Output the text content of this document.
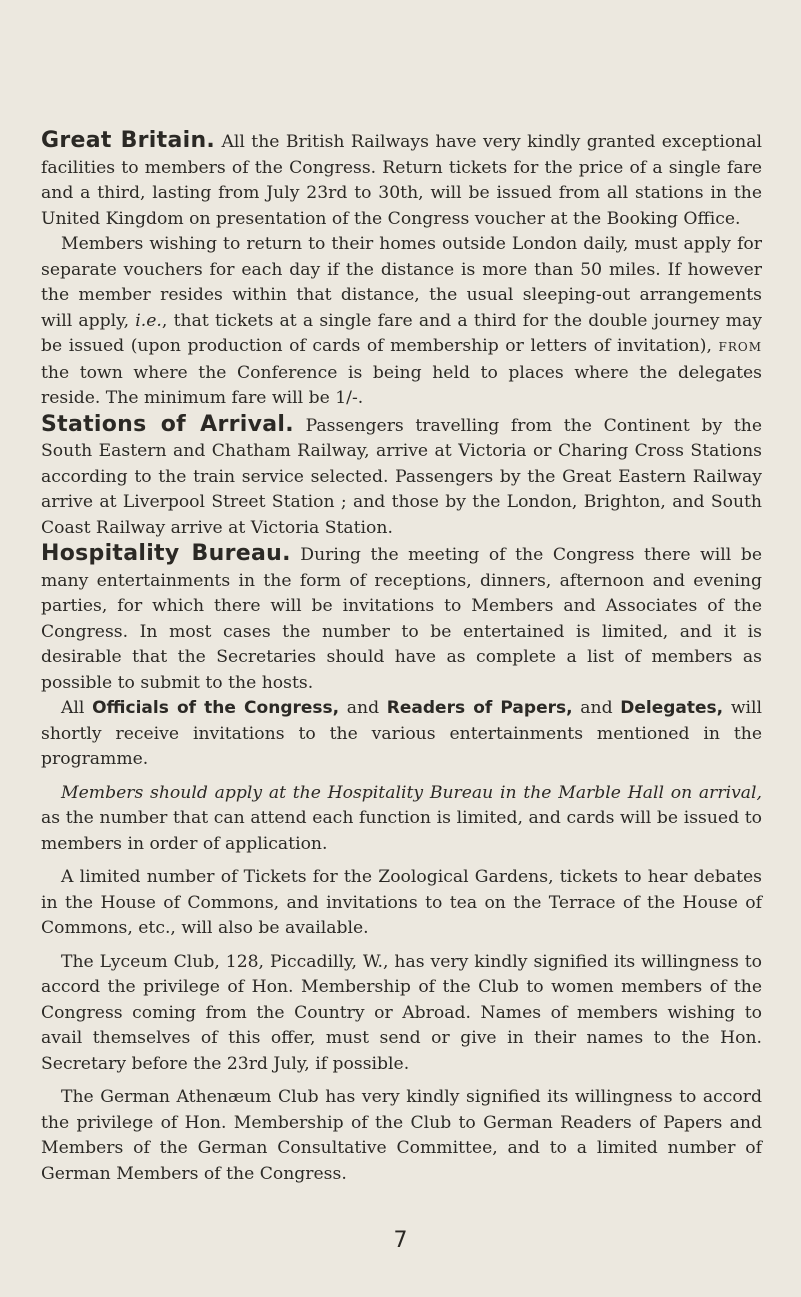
Great Britain. All the British Railways have very kindly granted exceptional facilities to members of the Congress. Return tickets for the price of a single fare and a third, lasting from July 23rd to 30th, will be issued from all stations in the United Kingdom on presentation of the Congress voucher at the Booking Office.

Members wishing to return to their homes outside London daily, must apply for separate vouchers for each day if the distance is more than 50 miles. If however the member resides within that distance, the usual sleeping-out arrangements will apply, i.e., that tickets at a single fare and a third for the double journey may be issued (upon production of cards of membership or letters of invitation), FROM the town where the Conference is being held to places where the delegates reside. The minimum fare will be 1/-.

Stations of Arrival. Passengers travelling from the Continent by the South Eastern and Chatham Railway, arrive at Victoria or Charing Cross Stations according to the train service selected. Passengers by the Great Eastern Railway arrive at Liverpool Street Station ; and those by the London, Brighton, and South Coast Railway arrive at Victoria Station.

Hospitality Bureau. During the meeting of the Congress there will be many entertainments in the form of receptions, dinners, afternoon and evening parties, for which there will be invitations to Members and Associates of the Congress. In most cases the number to be entertained is limited, and it is desirable that the Secretaries should have as complete a list of members as possible to submit to the hosts.

All Officials of the Congress, and Readers of Papers, and Delegates, will shortly receive invitations to the various entertainments mentioned in the programme.

Members should apply at the Hospitality Bureau in the Marble Hall on arrival, as the number that can attend each function is limited, and cards will be issued to members in order of application.

A limited number of Tickets for the Zoological Gardens, tickets to hear debates in the House of Commons, and invitations to tea on the Terrace of the House of Commons, etc., will also be available.

The Lyceum Club, 128, Piccadilly, W., has very kindly signified its willingness to accord the privilege of Hon. Membership of the Club to women members of the Congress coming from the Country or Abroad. Names of members wishing to avail themselves of this offer, must send or give in their names to the Hon. Secretary before the 23rd July, if possible.

The German Athenæum Club has very kindly signified its willingness to accord the privilege of Hon. Membership of the Club to German Readers of Papers and Members of the German Consultative Committee, and to a limited number of German Members of the Congress.

7
